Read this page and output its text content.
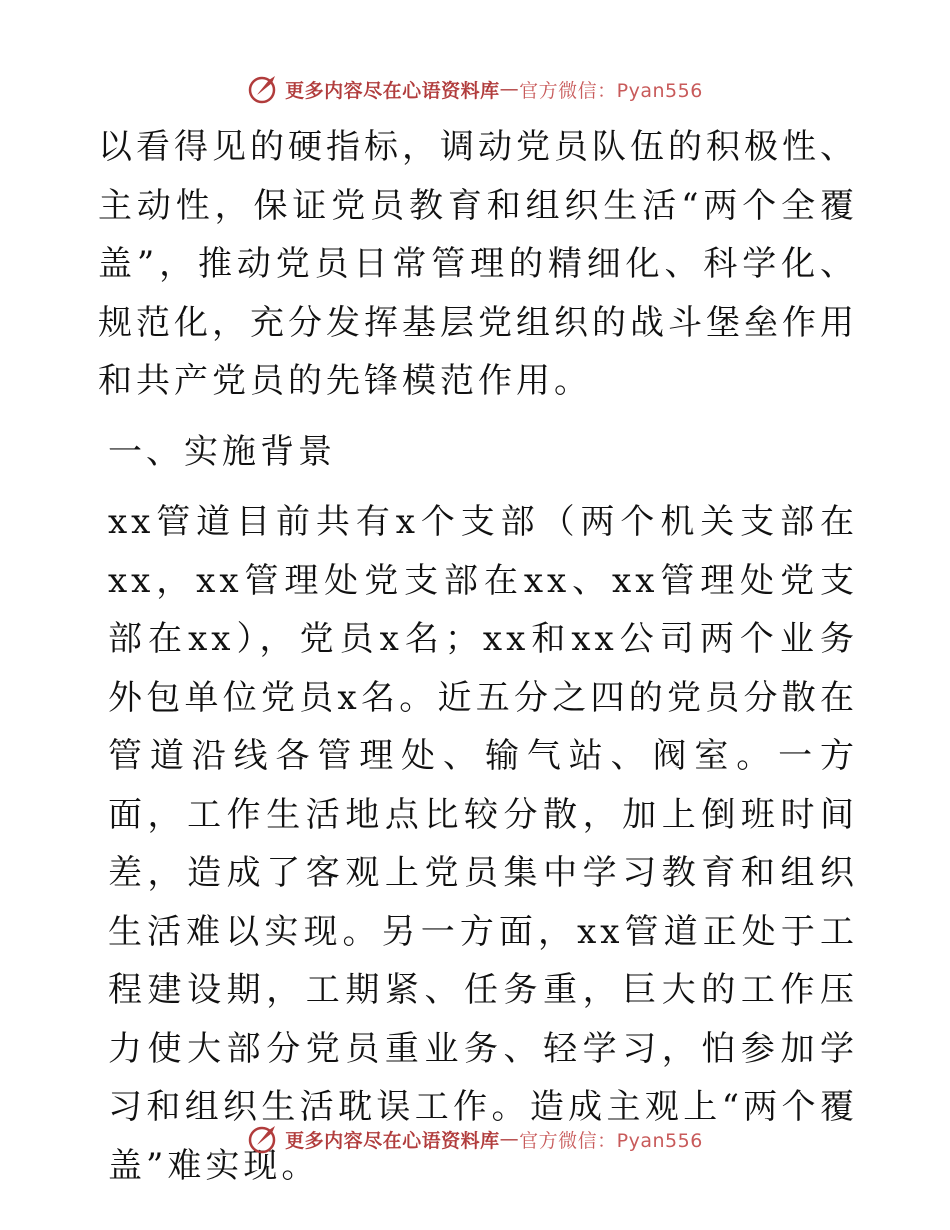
更多内容尽在心语资料库 — 官方微信：Pyan556

以看得见的硬指标，调动党员队伍的积极性、主动性，保证党员教育和组织生活“两个全覆盖”，推动党员日常管理的精细化、科学化、规范化，充分发挥基层党组织的战斗堡垒作用和共产党员的先锋模范作用。

一、实施背景

xx管道目前共有x个支部（两个机关支部在xx，xx管理处党支部在xx、xx管理处党支部在xx），党员x名；xx和xx公司两个业务外包单位党员x名。近五分之四的党员分散在管道沿线各管理处、输气站、阀室。一方面，工作生活地点比较分散，加上倒班时间差，造成了客观上党员集中学习教育和组织生活难以实现。另一方面，xx管道正处于工程建设期，工期紧、任务重，巨大的工作压力使大部分党员重业务、轻学习，怕参加学习和组织生活耽误工作。造成主观上“两个覆盖”难实现。

更多内容尽在心语资料库 — 官方微信：Pyan556
